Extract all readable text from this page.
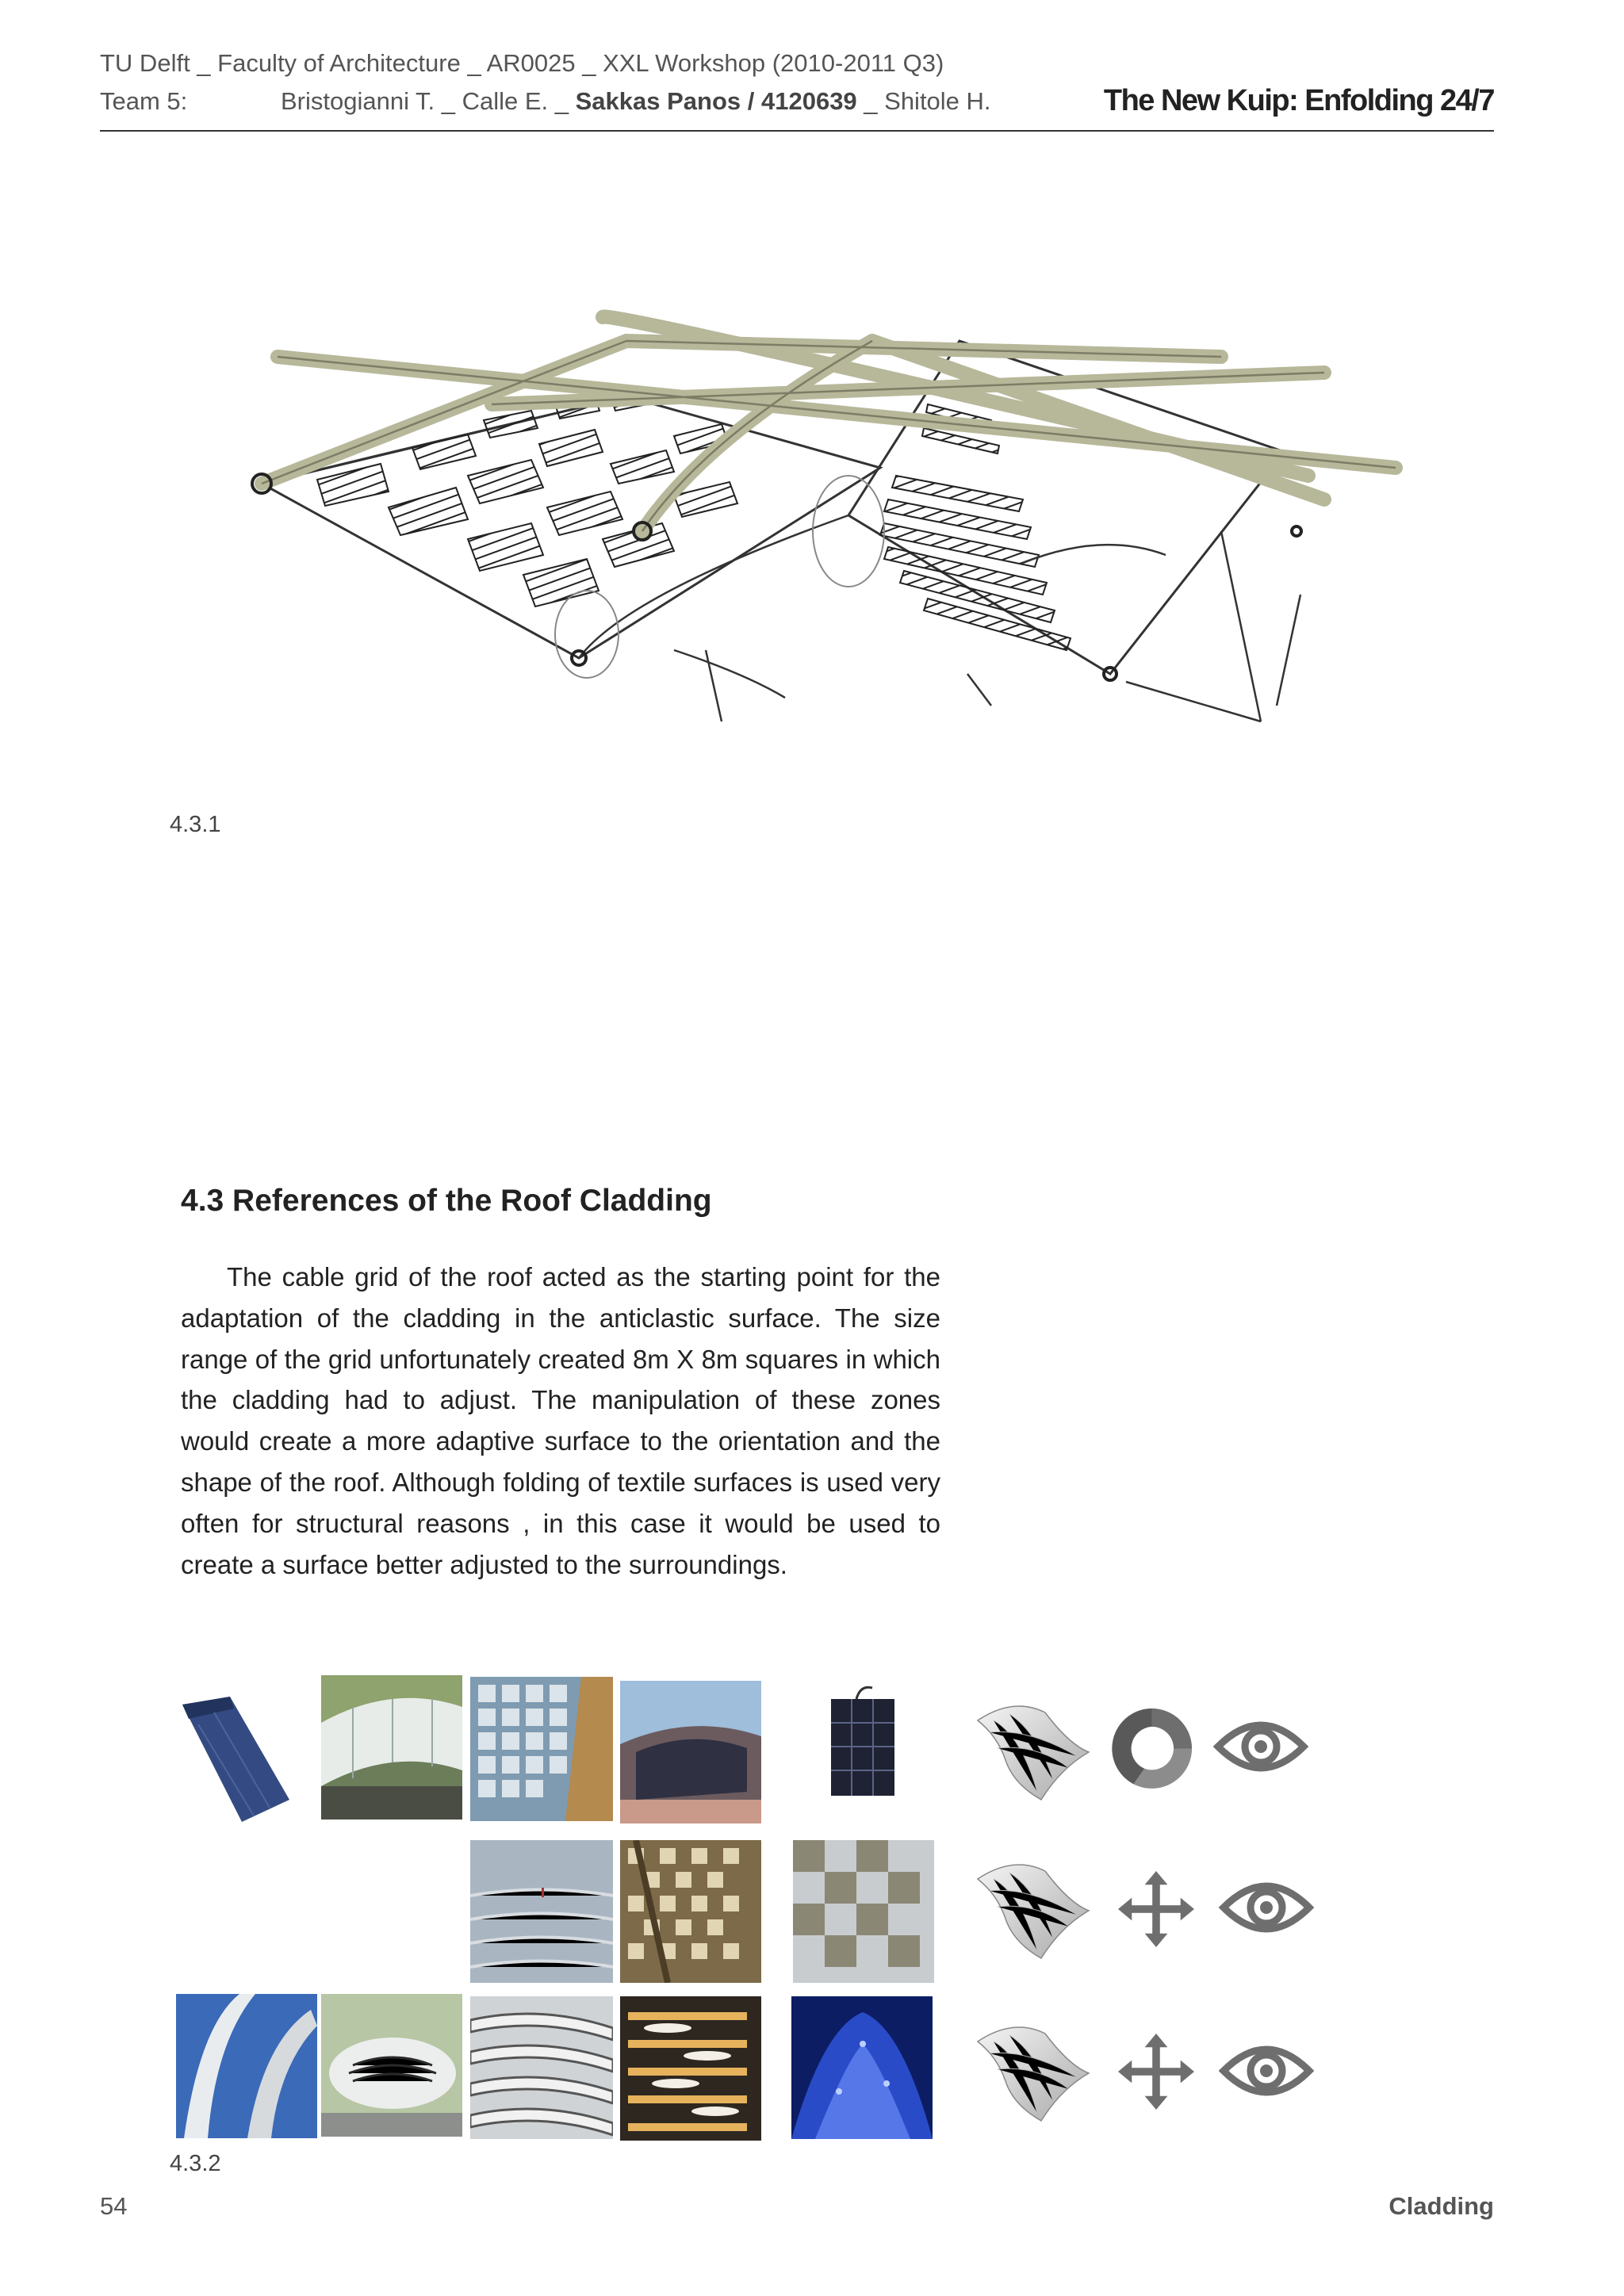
TU Delft _ Faculty of Architecture _ AR0025 _ XXL Workshop (2010-2011 Q3)
Team 5:	Bristogianni T. _ Calle E. _ Sakkas Panos / 4120639 _ Shitole H.	The New Kuip: Enfolding 24/7
4.3.1
4.3 References of the Roof Cladding
The cable grid of the roof acted as the starting point for the adaptation of the cladding in the anticlastic surface. The size range of the grid unfortunately created 8m X 8m squares in which the cladding had to adjust. The manipulation of these zones would create a more adaptive surface to the orientation and the shape of the roof. Although folding of textile surfaces is used very often for structural reasons , in this case it would be used to create a surface better adjusted to the surroundings.
4.3.2
54	Cladding
